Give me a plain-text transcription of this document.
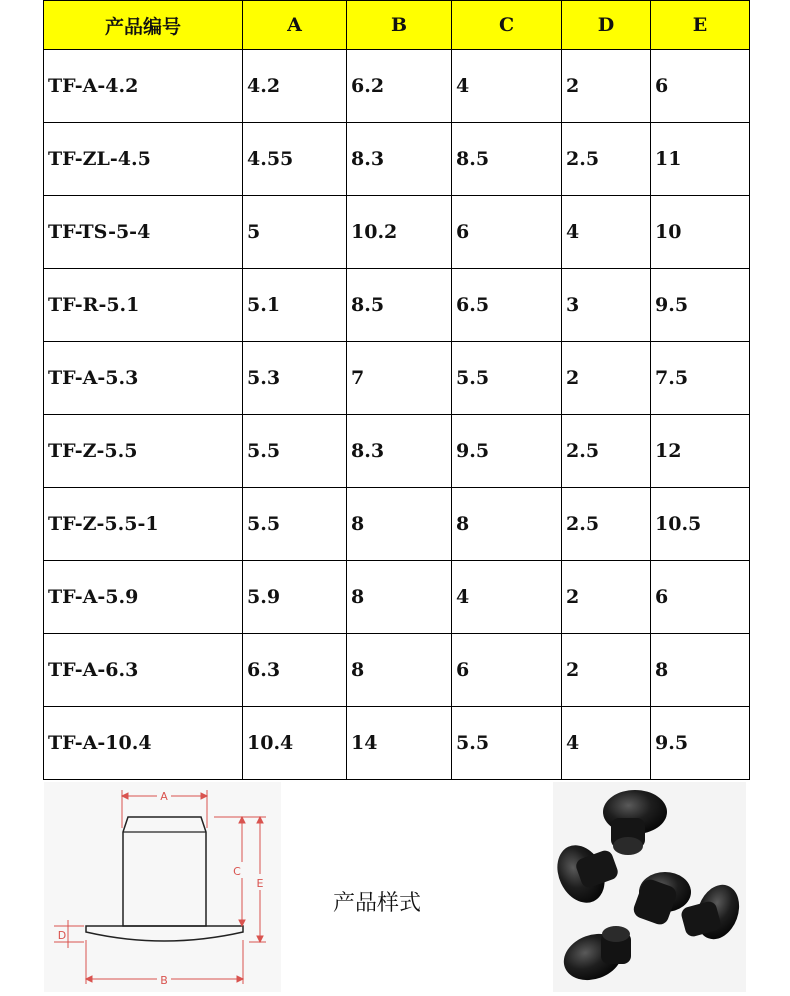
产品编号	A	B	C	D	E
TF-A-4.2	4.2	6.2	4	2	6
TF-ZL-4.5	4.55	8.3	8.5	2.5	11
TF-TS-5-4	5	10.2	6	4	10
TF-R-5.1	5.1	8.5	6.5	3	9.5
TF-A-5.3	5.3	7	5.5	2	7.5
TF-Z-5.5	5.5	8.3	9.5	2.5	12
TF-Z-5.5-1	5.5	8	8	2.5	10.5
TF-A-5.9	5.9	8	4	2	6
TF-A-6.3	6.3	8	6	2	8
TF-A-10.4	10.4	14	5.5	4	9.5
A
C
E
D
B
产品样式
